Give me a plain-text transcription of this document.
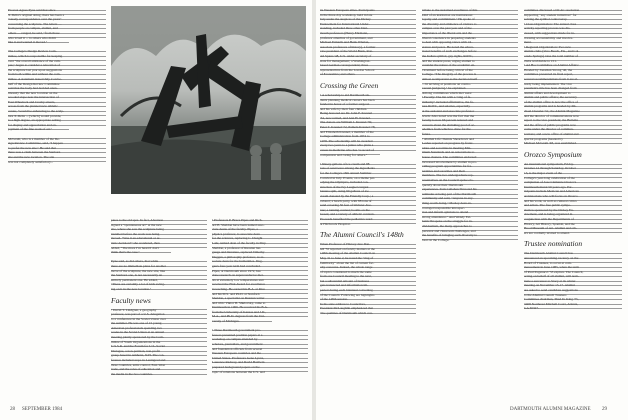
Provost Agnes Pyne said that since
X-Delta's original siting, there has been a
"steady correspondence over the years"
concerning the sculpture. The letters —
from people on campus, alumni, and
others — ranged, he said, "from those
who loved it ... to others who didn't
like it and wanted it moved."
The College's Design Review Com-
mittee, which is responsible for keeping
over "the overall ambiance of the cam-
pus," began to consider a relocation of
the sculpture last year upon suggestions
from both within and without the com-
mittee. A statement issued July 2 on be-
half of the Design Review Committee
said that the body had decided unan-
imously that the new location on the
wooded slope near the intersection of
East Wheelock and Crosby streets,
across from the planned new athletic
center, "would be enhancing to the sculp-
ture X-Delta ... [which] would provide,
to a high degree, an appropriate setting
for display and appreciation and en-
joyment of the fine work of art."
McGrath, who is a member of the De-
sign Review Committee, said, "I happen
to prefer the new site." He said that
there was a clash between the Sanborn
site and the new location. The site
was not completely satisfactory...
piece to the old spot. In fact, Alvernon
signed a "spontaneous art" at the new
site, where she saw the sculpture being
installed before the work was being
moved. "Was it an educational or ar-
tistic decision?" she wondered, then
added, "The more I've heard I don't
think that's the case."
Pyne said, as did others, that while
there are no immediate plans for another
move of the sculpture, the new site, like
the Sanborn one, is not necessarily an
entirely permanent one. He added,
"There are certainly a lot of kids swing-
ing on it in the new location."
Faculty news
• David T. Lindgren, a geography
professor, was part of a U.S. delegation
to a conference in the Soviet Union over
the summer. He was one of 15 young
American professionals spending two
weeks in the Soviet Union at an annual
meeting jointly sponsored by the Com-
mittee of Youth Organizations in the
U.S.S.R. and the Forum for U.S.-Soviet
Dialogue, a non-partisan, non-profit
group based in Amherst, N.H. The con-
ference included stops in Leningrad and
three countries, arms control, East-West
trade, and the roles of education and
the media in the two countries.
• Professors P. Bruce Pipes and Rich-
ard B. Sheldon have been named asso-
ciate deans of the faculty. Pipes, a
physics professor, is associate dean
for the sciences, replacing C. Dwight
Lahr, named dean of the faculty in May.
Sheldon, a professor of Russian lan-
guage and literature, replaced Timothy
Duggan, a philosophy professor, as as-
sociate dean for the humanities. Dug-
gan's four-year term had concluded.
Pipes, at Dartmouth since 1972, has
done research on superconductor met-
als at extremely low temperatures and
received the Fink Award for excellence
in teaching. He earned his B.A. at Rice
and his M.S. and Ph.D. at Stanford.
Sheldon, a specialist on Russian writer
and critic Viktor B. Shklovsky, came to
Dartmouth in 1966. He received his B.A.
from the University of Kansas and J.D.,
M.A., and Ph.D. degrees from the Uni-
versity of Michigan.
• Three Dartmouth government pro-
fessors presented position papers at a
workshop on campus attended by
scholars, journalists, and government
and foundation officials from several
Western European countries and the
United States. Professors Gene Lyons,
Laurence Radway, and David Baldwin
prepared background papers on the
topic of relations between the U.S. and
its Western European allies. Participants
in the three-day workshop, held in late
July under the auspices of the Dickey
Endowment for International Under-
standing, included three other Dart-
mouth professors (Henry Ehrmann,
professor emeritus of government, and
Michael Ermarth and Henk Whelan,
associate professors of history), a former
vice president of the World Bank, Ron-
ald Spiers '48, U.S. under secretary of
state for management; a Washington-
based German correspondent; three
representatives from the London School
of Economics; and others.
Crossing the Green
• A scholarship to aid Dartmouth stu-
dents planning medical careers has been
funded in honor of a former surgeon
and his wife by their four children.
Being honored are Dr. John F. Kresnel
'34, now retired, and Ann H. Kresnel.
The donors are William J. Kresnel '59,
Peter T. Kresnel '72, Pamela Kresnel '78,
and Elizabeth Kresnel, a member of the
College administration from 1974 to
1978. The scholarship will be awarded
every two years to a junior who plans a
career in medicine who has "a record of
compassion and caring for others."
• Ninety gallons of ice cream and 88
tons of sand were among the ingredients
for the College's 16th annual Summer
Carnival in July. Events, on a theme par-
odying the Olympics, included con-
struction of the Ivy League's largest
banana split, using 90 gallons of ice
cream donated by the Friendly Corp.; a
cabaret; a beach party, with 88 tons of
sand covering 50 feet of Webster Ave-
nue; a tanning contest; booths on the
Green; and a variety of athletic contests.
Proceeds benefited the pediatrics ward
at Hitchcock Hospital.
The Alumni Council's 148th
When Professor of History Jere Dan-
iell '55 reported on faculty matters at the
148th meeting of the Alumni Council on
May 31 to June 2, he noted the "ring of
familiarity" about the list of current fac-
ulty concerns. Indeed, the whole range
of topics considered is much the same
from one Council meeting to the next,
but a substantial amount of business
gets transacted and information im-
parted during each biannual convening
of the Council. Following are highlights
of the 148th session.
In his state address to Councilors,
President McLaughlin emphasized that
"the qualities of Dartmouth which con-
tribute to the sustained excellence of this
kind of an institution are institutional
loyalty and commitment." He spoke of
the diversity and eminence of visitors to
campus over the past year and of the
importance of the liberal arts and the
liberal conscience in preparing students
to deal with opposing views with tol-
erance and peace. He noted the educa-
tional benefits of such exchanges before
the Indian symbol, gay rights, ROTC,
and the student press, urging alumni to
consider the nature of the academic en-
vironment before being critical of the
College. "The integrity of the process is
almost as important as the decision itself
... in arriving at positions on contro-
versial [subjects]," he explained.
Among committees which met were:
• Faculty: The list with a "ring of fa-
miliarity" included affirmative, the fu-
ture ROTC, and salaries, especially
at the assistant and associate professor
levels. Also noted was the fact that the
faculty is now 66 percent tenured and
concern about the shrinking pool of ac-
ademics from which to draw for the
future.
• Alumni Life: Dennis Sheardown and
Lesher reported on progress by frater-
nities and sororities in meeting Min-
imum Standards and on renovations to
house clusters. The committee endorsed
increased involvement by alumni in pro-
viding program opportunities for fra-
ternities and sororities and their
members. The two undergraduate rep-
resentatives on the Council spoke elo-
quently about their Dartmouth
experiences. Tom Callahan '84 noted his
reminder at being part of the Dartmouth
community and said, "Anyone in any-
thing worth doing." Mosley dean en-
couraged responsible introspec-
tion and inform opinions to attend
strong attendance." And Wendy Fel-
heim '84 spoke on the struggle for in-
dividualism, the many approaches to
personal and classroom challenges, and
the benefits of bringing such diversity to
bear on the College.
committee discussed a DCAC resolution
supporting "any student initiatives" for
solving the symbol controversy.
• Class Organization: The annual class
activity reporting process was dis-
cussed, with suggestions made for in-
creasing accountability and involve-
ment.
• Regional Organization: Two new
alumni clubs (Vero Beach, Fla., and Col-
orado Springs) raise the total number of
clubs worldwide to 151.
• Ad Hoc Committee on Alumni Affairs:
Headed by Jonathan Strong '46, the
committee presented its final report,
several recommendations from it are al-
ready being implemented. The vice
president's title has been changed from
alumni affairs and development to
alumni and public affairs; the secretary
of the alumni office is now the office of
alumni programs and is headed by Mi-
chael Chessler '51; the Alumni Magazine
and the director of communications now
report to the vice president; the Bulletin
and the office of public programs now
come under the director of commun-
ications; and a new office of alumni and
special programs (headed by
Michael McGrath '48, was established.
Orozco Symposium
An international symposium, Friday-
October 12 through Saturday, October
13, is the major event of the
College's year-long celebration of the
completion of Jose Clemente Orozco's
Dartmouth mural 50 years ago. Par-
ticipants include Mexican and American
art historians who will focus on Orozco
and his work, as well as cultural critics
and artists. The free public sympo-
sium is sponsored by the Dickey En-
dowment, and is being organized in
conjunction with the Departments of
History, Art History, Spanish, and the
Hood Museum of Art. Alumni and oth-
ers are cordially invited to attend.
Trustee nomination
The Dartmouth Alumni Council has
announced an upcoming vacancy on the
Board of Trustees, to occur at com-
mencement in June 1985, when the term
of Paul Paganucci '53 expires. The Council,
acting on behalf of all alumni, will nom-
inate a successor to Stacy at its winter
meeting on November 15-17. Alumni
are asked to send candidate suggestions
to the Alumni Council Trustees
Committee chairman, Thad D. King '75,
3408 Northeast Mitchell Court, Atlanta,
GA 30327.
28 SEPTEMBER 1984	DARTMOUTH ALUMNI MAGAZINE 29
